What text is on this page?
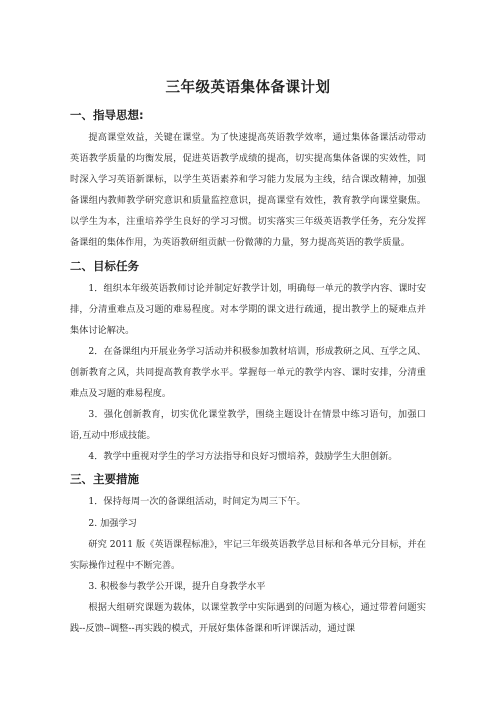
三年级英语集体备课计划
一、指导思想:

提高课堂效益，关键在课堂。为了快速提高英语教学效率，通过集体备课活动带动英语教学质量的均衡发展，促进英语教学成绩的提高，切实提高集体备课的实效性，同时深入学习英语新课标，以学生英语素养和学习能力发展为主线，结合课改精神，加强备课组内教师教学研究意识和质量监控意识，提高课堂有效性，教育教学向课堂聚焦。以学生为本，注重培养学生良好的学习习惯。切实落实三年级英语教学任务，充分发挥备课组的集体作用，为英语教研组贡献一份微薄的力量，努力提高英语的教学质量。

二、目标任务

1．组织本年级英语教师讨论并制定好教学计划，明确每一单元的教学内容、课时安排，分清重难点及习题的难易程度。对本学期的课文进行疏通，提出教学上的疑难点并集体讨论解决。

2．在备课组内开展业务学习活动并积极参加教材培训，形成教研之风、互学之风、创新教育之风，共同提高教育教学水平。掌握每一单元的教学内容、课时安排，分清重难点及习题的难易程度。

3．强化创新教育，切实优化课堂教学，围绕主题设计在情景中练习语句，加强口语,互动中形成技能。

4．教学中重视对学生的学习方法指导和良好习惯培养，鼓励学生大胆创新。

三、主要措施

1．保持每周一次的备课组活动，时间定为周三下午。

2. 加强学习

研究 2011 版《英语课程标准》，牢记三年级英语教学总目标和各单元分目标，并在实际操作过程中不断完善。

3. 积极参与教学公开课，提升自身教学水平

根据大组研究课题为载体，以课堂教学中实际遇到的问题为核心，通过带着问题实践--反馈--调整--再实践的模式，开展好集体备课和听评课活动，通过课
